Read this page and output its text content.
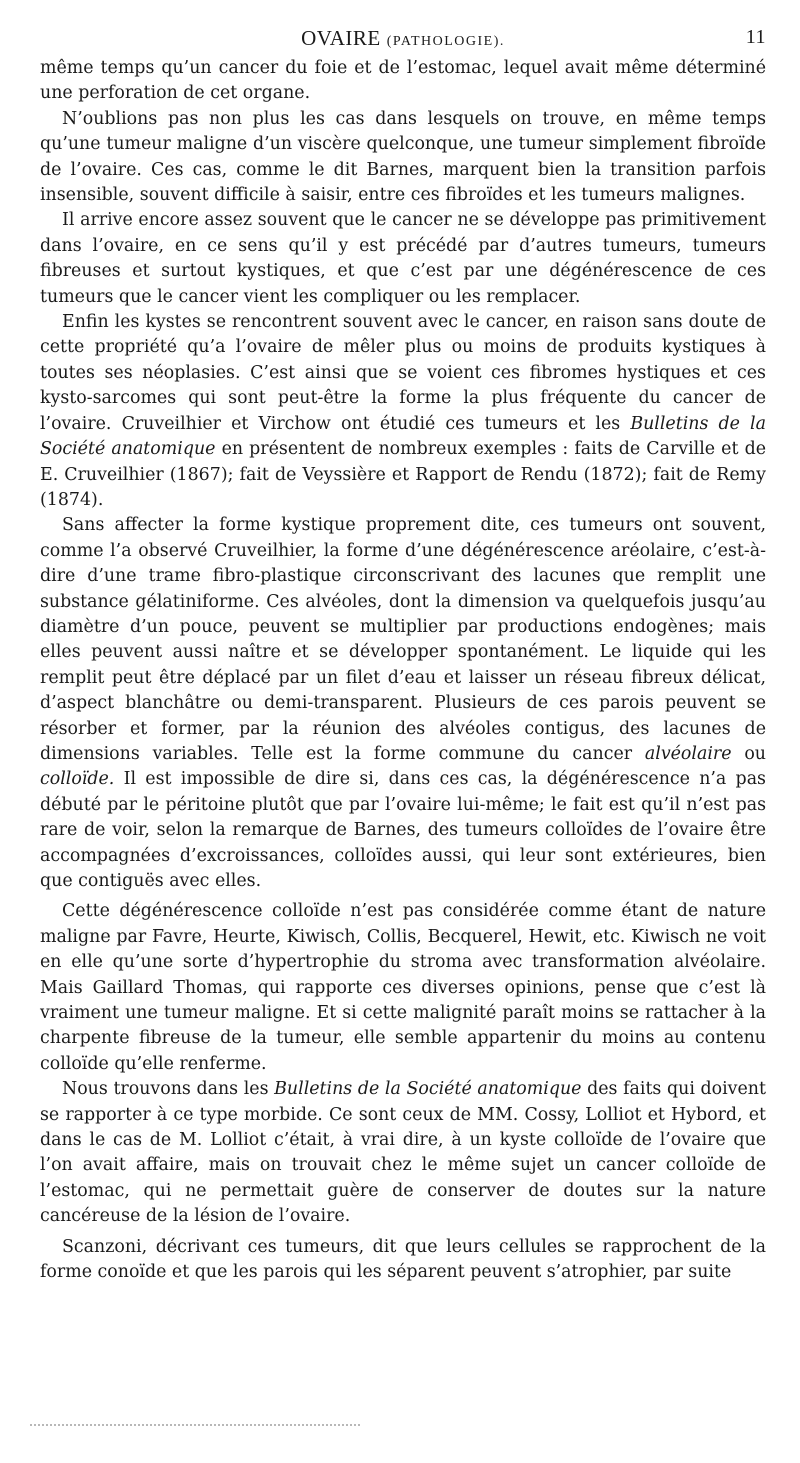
OVAIRE (PATHOLOGIE).	11

même temps qu’un cancer du foie et de l’estomac, lequel avait même déterminé une perforation de cet organe.

N’oublions pas non plus les cas dans lesquels on trouve, en même temps qu’une tumeur maligne d’un viscère quelconque, une tumeur simplement fibroïde de l’ovaire. Ces cas, comme le dit Barnes, marquent bien la transition parfois insensible, souvent difficile à saisir, entre ces fibroïdes et les tumeurs malignes.

Il arrive encore assez souvent que le cancer ne se développe pas primitivement dans l’ovaire, en ce sens qu’il y est précédé par d’autres tumeurs, tumeurs fibreuses et surtout kystiques, et que c’est par une dégénérescence de ces tumeurs que le cancer vient les compliquer ou les remplacer.

Enfin les kystes se rencontrent souvent avec le cancer, en raison sans doute de cette propriété qu’a l’ovaire de mêler plus ou moins de produits kystiques à toutes ses néoplasies. C’est ainsi que se voient ces fibromes hystiques et ces kysto-sarcomes qui sont peut-être la forme la plus fréquente du cancer de l’ovaire. Cruveilhier et Virchow ont étudié ces tumeurs et les Bulletins de la Société anatomique en présentent de nombreux exemples : faits de Carville et de E. Cruveilhier (1867); fait de Veyssière et Rapport de Rendu (1872); fait de Remy (1874).

Sans affecter la forme kystique proprement dite, ces tumeurs ont souvent, comme l’a observé Cruveilhier, la forme d’une dégénérescence aréolaire, c’est-à-dire d’une trame fibro-plastique circonscrivant des lacunes que remplit une substance gélatiniforme. Ces alvéoles, dont la dimension va quelquefois jusqu’au diamètre d’un pouce, peuvent se multiplier par productions endogènes; mais elles peuvent aussi naître et se développer spontanément. Le liquide qui les remplit peut être déplacé par un filet d’eau et laisser un réseau fibreux délicat, d’aspect blanchâtre ou demi-transparent. Plusieurs de ces parois peuvent se résorber et former, par la réunion des alvéoles contigus, des lacunes de dimensions variables. Telle est la forme commune du cancer alvéolaire ou colloïde. Il est impossible de dire si, dans ces cas, la dégénérescence n’a pas débuté par le péritoine plutôt que par l’ovaire lui-même; le fait est qu’il n’est pas rare de voir, selon la remarque de Barnes, des tumeurs colloïdes de l’ovaire être accompagnées d’excroissances, colloïdes aussi, qui leur sont extérieures, bien que contiguës avec elles.

Cette dégénérescence colloïde n’est pas considérée comme étant de nature maligne par Favre, Heurte, Kiwisch, Collis, Becquerel, Hewit, etc. Kiwisch ne voit en elle qu’une sorte d’hypertrophie du stroma avec transformation alvéolaire. Mais Gaillard Thomas, qui rapporte ces diverses opinions, pense que c’est là vraiment une tumeur maligne. Et si cette malignité paraît moins se rattacher à la charpente fibreuse de la tumeur, elle semble appartenir du moins au contenu colloïde qu’elle renferme.

Nous trouvons dans les Bulletins de la Société anatomique des faits qui doivent se rapporter à ce type morbide. Ce sont ceux de MM. Cossy, Lolliot et Hybord, et dans le cas de M. Lolliot c’était, à vrai dire, à un kyste colloïde de l’ovaire que l’on avait affaire, mais on trouvait chez le même sujet un cancer colloïde de l’estomac, qui ne permettait guère de conserver de doutes sur la nature cancéreuse de la lésion de l’ovaire.

Scanzoni, décrivant ces tumeurs, dit que leurs cellules se rapprochent de la forme conoïde et que les parois qui les séparent peuvent s’atrophier, par suite
